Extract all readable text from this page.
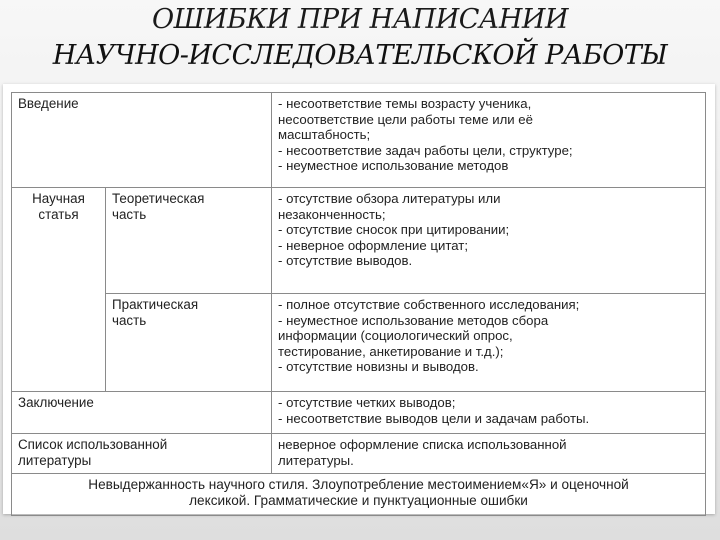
ОШИБКИ ПРИ НАПИСАНИИ
НАУЧНО-ИССЛЕДОВАТЕЛЬСКОЙ РАБОТЫ
Введение		- несоответствие темы возрасту ученика,
несоответствие цели работы теме или её
масштабность;
- несоответствие задач работы цели, структуре;
- неуместное использование методов

Научная
статья	Теоретическая
часть	- отсутствие обзора литературы или
незаконченность;
- отсутствие сносок при цитировании;
- неверное оформление цитат;
- отсутствие выводов.

	Практическая
часть	- полное отсутствие собственного исследования;
- неуместное использование методов сбора
информации (социологический опрос,
тестирование, анкетирование и т.д.);
- отсутствие новизны и выводов.

Заключение		- отсутствие четких выводов;
- несоответствие выводов цели и задачам работы.

Список использованной
литературы		неверное оформление списка использованной
литературы.

Невыдержанность научного стиля. Злоупотребление местоимением«Я» и оценочной
лексикой. Грамматические и пунктуационные ошибки		
